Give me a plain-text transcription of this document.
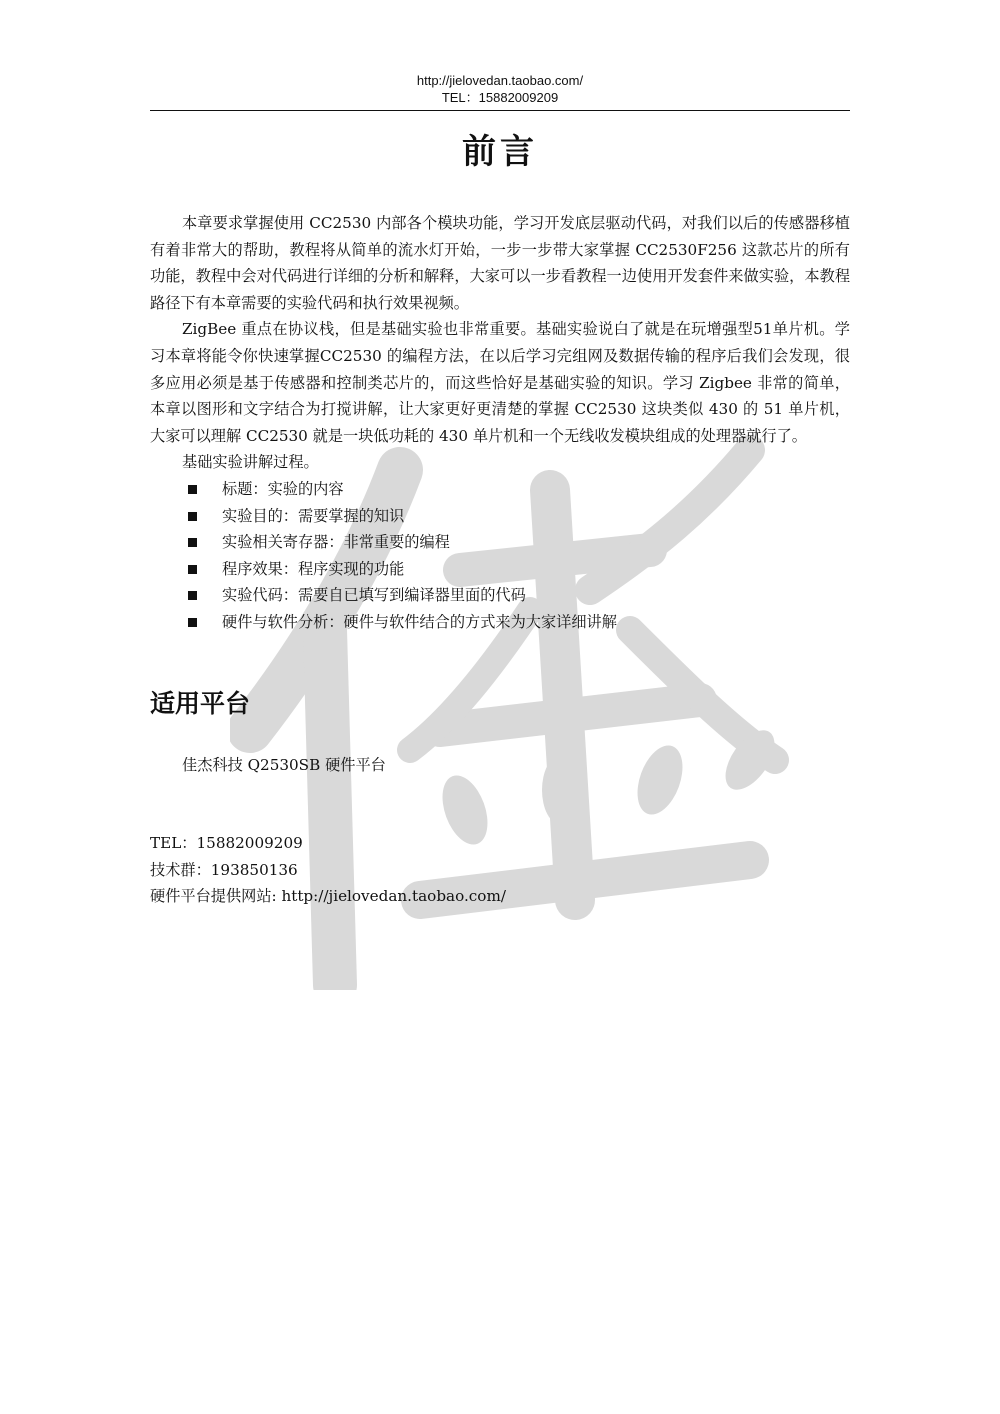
http://jielovedan.taobao.com/
TEL：15882009209
前言

本章要求掌握使用 CC2530 内部各个模块功能，学习开发底层驱动代码，对我们以后的传感器移植有着非常大的帮助，教程将从简单的流水灯开始，一步一步带大家掌握 CC2530F256 这款芯片的所有功能，教程中会对代码进行详细的分析和解释，大家可以一步看教程一边使用开发套件来做实验，本教程路径下有本章需要的实验代码和执行效果视频。

ZigBee 重点在协议栈，但是基础实验也非常重要。基础实验说白了就是在玩增强型51单片机。学习本章将能令你快速掌握CC2530 的编程方法，在以后学习完组网及数据传输的程序后我们会发现，很多应用必须是基于传感器和控制类芯片的，而这些恰好是基础实验的知识。学习 Zigbee 非常的简单，本章以图形和文字结合为打搅讲解，让大家更好更清楚的掌握 CC2530 这块类似 430 的 51 单片机，大家可以理解 CC2530 就是一块低功耗的 430 单片机和一个无线收发模块组成的处理器就行了。

基础实验讲解过程。

标题：实验的内容
实验目的：需要掌握的知识
实验相关寄存器：非常重要的编程
程序效果：程序实现的功能
实验代码：需要自已填写到编译器里面的代码
硬件与软件分析：硬件与软件结合的方式来为大家详细讲解
适用平台

佳杰科技 Q2530SB 硬件平台

TEL：15882009209
技术群：193850136
硬件平台提供网站: http://jielovedan.taobao.com/
